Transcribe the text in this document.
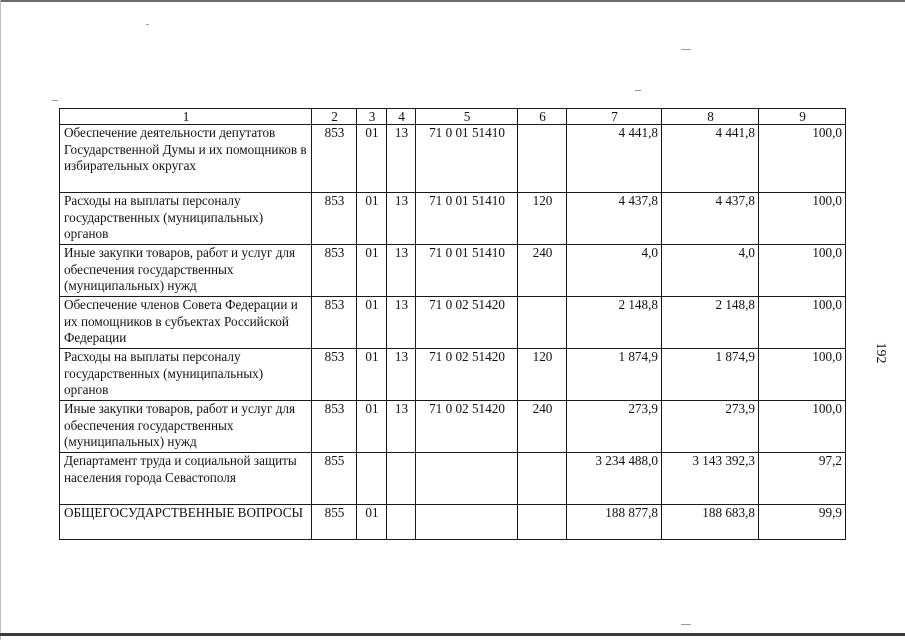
1	2	3	4	5	6	7	8	9
Обеспечение деятельности депутатов Государственной Думы и их помощников в избирательных округах	853	01	13	71 0 01 51410		4 441,8	4 441,8	100,0
Расходы на выплаты персоналу государственных (муниципальных) органов	853	01	13	71 0 01 51410	120	4 437,8	4 437,8	100,0
Иные закупки товаров, работ и услуг для обеспечения государственных (муниципальных) нужд	853	01	13	71 0 01 51410	240	4,0	4,0	100,0
Обеспечение членов Совета Федерации и их помощников в субъектах Российской Федерации	853	01	13	71 0 02 51420		2 148,8	2 148,8	100,0
Расходы на выплаты персоналу государственных (муниципальных) органов	853	01	13	71 0 02 51420	120	1 874,9	1 874,9	100,0
Иные закупки товаров, работ и услуг для обеспечения государственных (муниципальных) нужд	853	01	13	71 0 02 51420	240	273,9	273,9	100,0
Департамент труда и социальной защиты населения города Севастополя	855					3 234 488,0	3 143 392,3	97,2
ОБЩЕГОСУДАРСТВЕННЫЕ ВОПРОСЫ	855	01				188 877,8	188 683,8	99,9
192
